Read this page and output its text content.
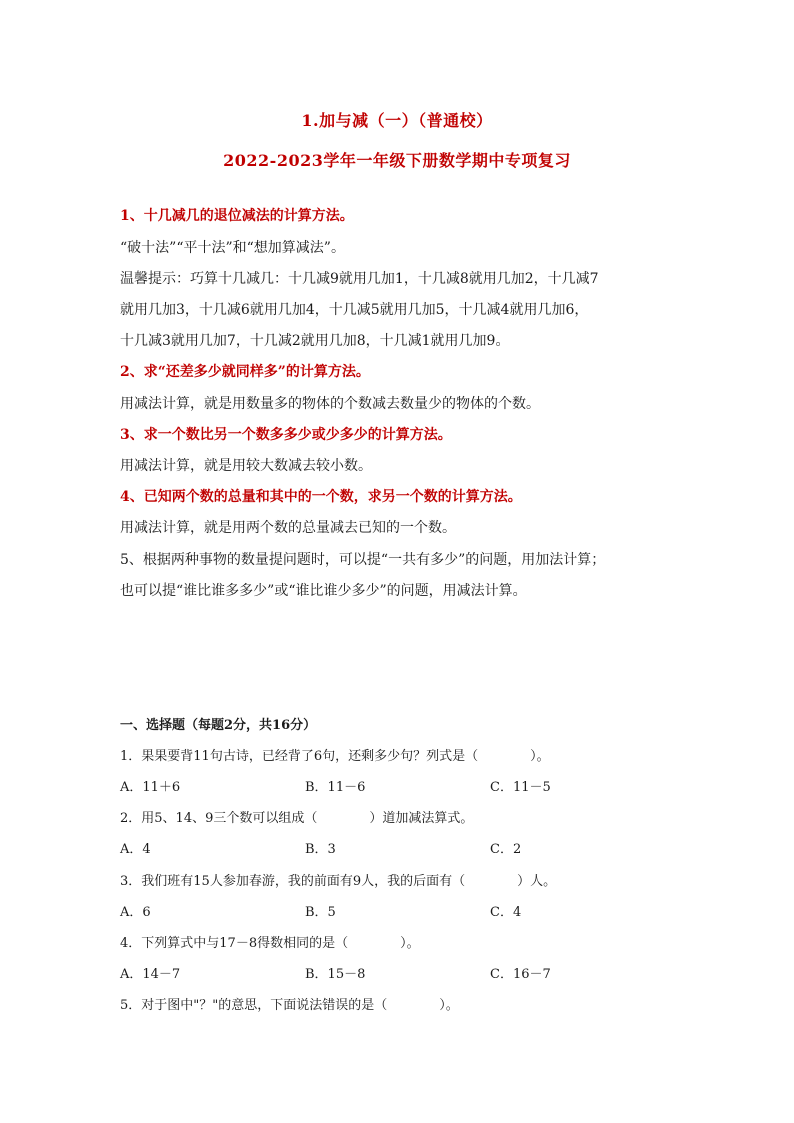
1.加与减（一）（普通校）
2022-2023学年一年级下册数学期中专项复习
1、十几减几的退位减法的计算方法。
“破十法”“平十法”和“想加算减法”。
温馨提示：巧算十几减几：十几减9就用几加1，十几减8就用几加2，十几减7
就用几加3，十几减6就用几加4，十几减5就用几加5，十几减4就用几加6，
十几减3就用几加7，十几减2就用几加8，十几减1就用几加9。
2、求“还差多少就同样多”的计算方法。
用减法计算，就是用数量多的物体的个数减去数量少的物体的个数。
3、求一个数比另一个数多多少或少多少的计算方法。
用减法计算，就是用较大数减去较小数。
4、已知两个数的总量和其中的一个数，求另一个数的计算方法。
用减法计算，就是用两个数的总量减去已知的一个数。
5、根据两种事物的数量提问题时，可以提“一共有多少”的问题，用加法计算；
也可以提“谁比谁多多少”或“谁比谁少多少”的问题，用减法计算。
一、选择题（每题2分，共16分）
1．果果要背11句古诗，已经背了6句，还剩多少句？列式是（　　　　）。
A．11＋6	B．11－6	C．11－5
2．用5、14、9三个数可以组成（　　　　）道加减法算式。
A．4	B．3	C．2
3．我们班有15人参加春游，我的前面有9人，我的后面有（　　　　）人。
A．6	B．5	C．4
4．下列算式中与17－8得数相同的是（　　　　）。
A．14－7	B．15－8	C．16－7
5．对于图中"？"的意思，下面说法错误的是（　　　　）。
